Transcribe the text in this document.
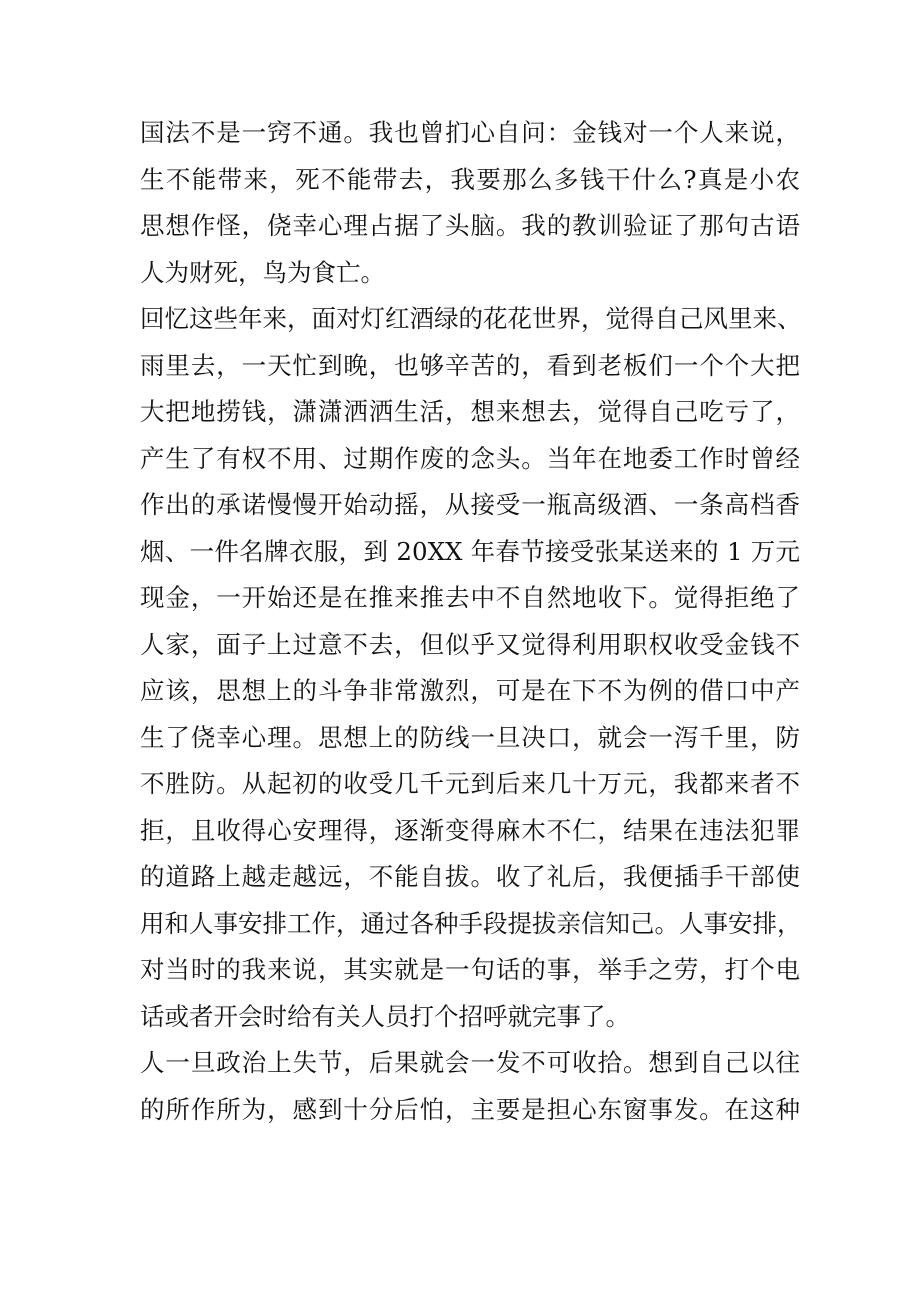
国法不是一窍不通。我也曾扪心自问：金钱对一个人来说，
生不能带来，死不能带去，我要那么多钱干什么?真是小农
思想作怪，侥幸心理占据了头脑。我的教训验证了那句古语
人为财死，鸟为食亡。

回忆这些年来，面对灯红酒绿的花花世界，觉得自己风里来、
雨里去，一天忙到晚，也够辛苦的，看到老板们一个个大把
大把地捞钱，潇潇洒洒生活，想来想去，觉得自己吃亏了，
产生了有权不用、过期作废的念头。当年在地委工作时曾经
作出的承诺慢慢开始动摇，从接受一瓶高级酒、一条高档香
烟、一件名牌衣服，到 20XX 年春节接受张某送来的 1 万元
现金，一开始还是在推来推去中不自然地收下。觉得拒绝了
人家，面子上过意不去，但似乎又觉得利用职权收受金钱不
应该，思想上的斗争非常激烈，可是在下不为例的借口中产
生了侥幸心理。思想上的防线一旦决口，就会一泻千里，防
不胜防。从起初的收受几千元到后来几十万元，我都来者不
拒，且收得心安理得，逐渐变得麻木不仁，结果在违法犯罪
的道路上越走越远，不能自拔。收了礼后，我便插手干部使
用和人事安排工作，通过各种手段提拔亲信知己。人事安排，
对当时的我来说，其实就是一句话的事，举手之劳，打个电
话或者开会时给有关人员打个招呼就完事了。

人一旦政治上失节，后果就会一发不可收拾。想到自己以往
的所作所为，感到十分后怕，主要是担心东窗事发。在这种
